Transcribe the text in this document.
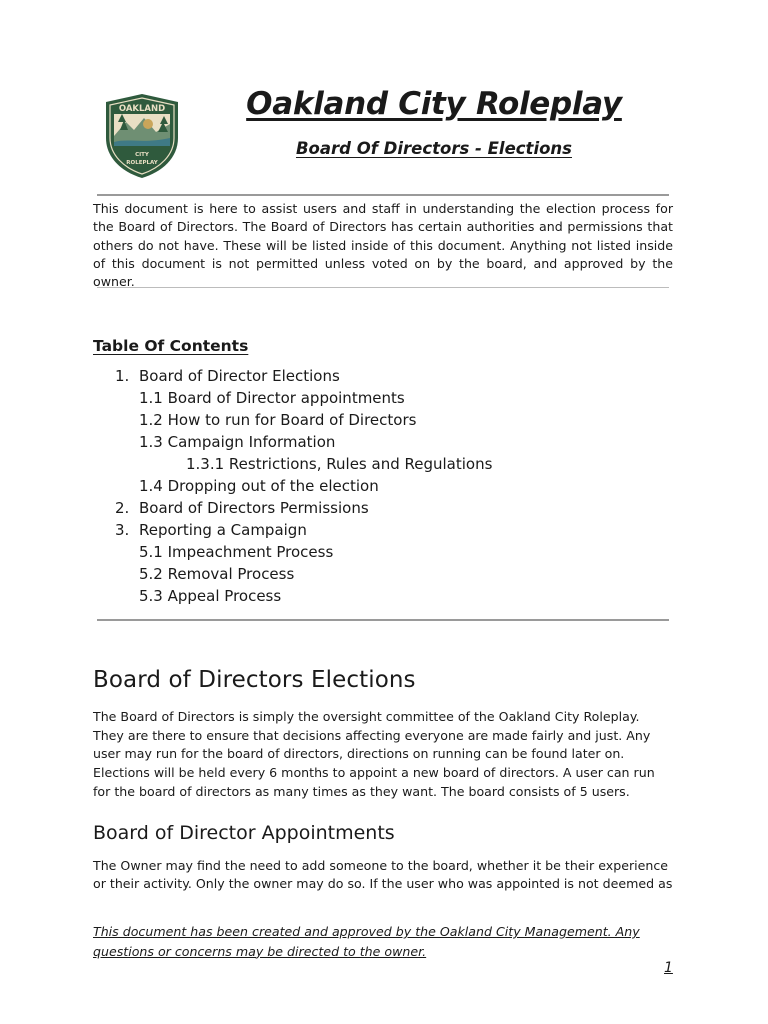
OAKLAND
CITY
ROLEPLAY
Oakland City Roleplay
Board Of Directors - Elections
This document is here to assist users and staff in understanding the election process for the Board of Directors. The Board of Directors has certain authorities and permissions that others do not have. These will be listed inside of this document. Anything not listed inside of this document is not permitted unless voted on by the board, and approved by the owner.
Table Of Contents
1. Board of Director Elections
1.1 Board of Director appointments
1.2 How to run for Board of Directors
1.3 Campaign Information
1.3.1 Restrictions, Rules and Regulations
1.4 Dropping out of the election
2. Board of Directors Permissions
3. Reporting a Campaign
5.1 Impeachment Process
5.2 Removal Process
5.3 Appeal Process
Board of Directors Elections
The Board of Directors is simply the oversight committee of the Oakland City Roleplay. They are there to ensure that decisions affecting everyone are made fairly and just. Any user may run for the board of directors, directions on running can be found later on. Elections will be held every 6 months to appoint a new board of directors. A user can run for the board of directors as many times as they want. The board consists of 5 users.
Board of Director Appointments
The Owner may find the need to add someone to the board, whether it be their experience or their activity. Only the owner may do so. If the user who was appointed is not deemed as
This document has been created and approved by the Oakland City Management. Any questions or concerns may be directed to the owner.
1
